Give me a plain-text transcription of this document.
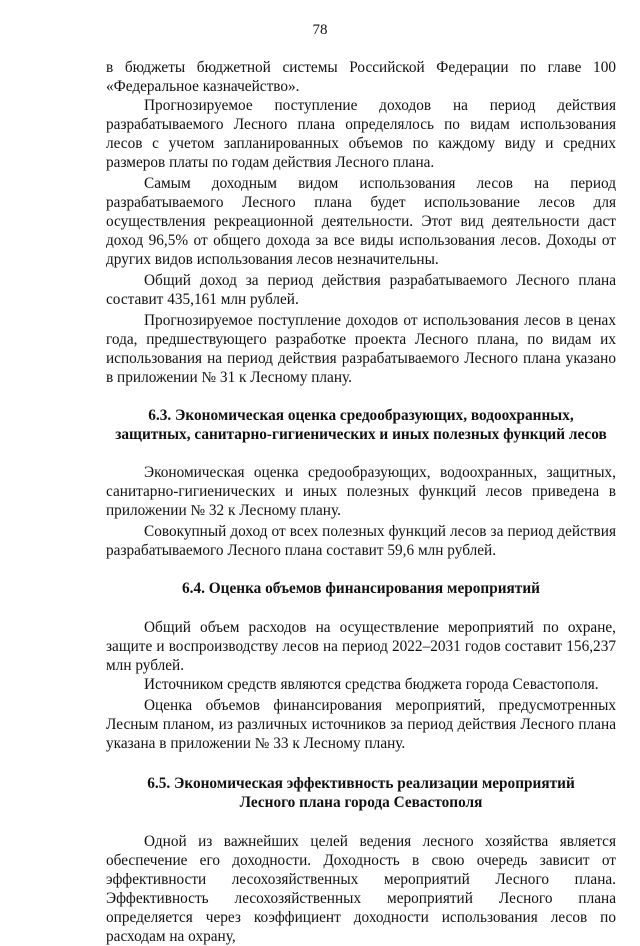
78

в бюджеты бюджетной системы Российской Федерации по главе 100 «Федеральное казначейство».

Прогнозируемое поступление доходов на период действия разрабатываемого Лесного плана определялось по видам использования лесов с учетом запланированных объемов по каждому виду и средних размеров платы по годам действия Лесного плана.

Самым доходным видом использования лесов на период разрабатываемого Лесного плана будет использование лесов для осуществления рекреационной деятельности. Этот вид деятельности даст доход 96,5% от общего дохода за все виды использования лесов. Доходы от других видов использования лесов незначительны.

Общий доход за период действия разрабатываемого Лесного плана составит 435,161 млн рублей.

Прогнозируемое поступление доходов от использования лесов в ценах года, предшествующего разработке проекта Лесного плана, по видам их использования на период действия разрабатываемого Лесного плана указано в приложении № 31 к Лесному плану.

6.3. Экономическая оценка средообразующих, водоохранных,
защитных, санитарно-гигиенических и иных полезных функций лесов

Экономическая оценка средообразующих, водоохранных, защитных, санитарно-гигиенических и иных полезных функций лесов приведена в приложении № 32 к Лесному плану.

Совокупный доход от всех полезных функций лесов за период действия разрабатываемого Лесного плана составит 59,6 млн рублей.

6.4. Оценка объемов финансирования мероприятий

Общий объем расходов на осуществление мероприятий по охране, защите и воспроизводству лесов на период 2022–2031 годов составит 156,237 млн рублей.

Источником средств являются средства бюджета города Севастополя.

Оценка объемов финансирования мероприятий, предусмотренных Лесным планом, из различных источников за период действия Лесного плана указана в приложении № 33 к Лесному плану.

6.5. Экономическая эффективность реализации мероприятий
Лесного плана города Севастополя

Одной из важнейших целей ведения лесного хозяйства является обеспечение его доходности. Доходность в свою очередь зависит от эффективности лесохозяйственных мероприятий Лесного плана. Эффективность лесохозяйственных мероприятий Лесного плана определяется через коэффициент доходности использования лесов по расходам на охрану,
